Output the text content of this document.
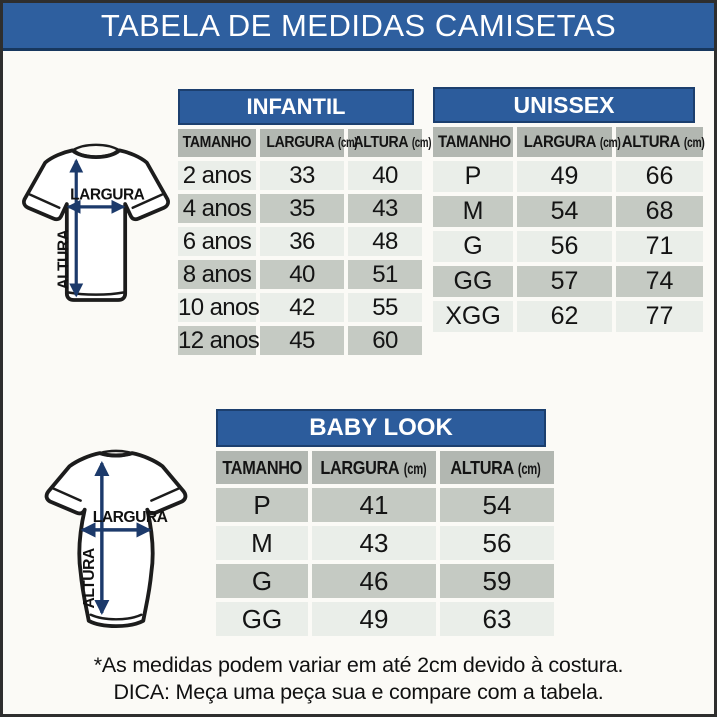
TABELA DE MEDIDAS CAMISETAS
LARGURA
ALTURA
LARGURA
ALTURA
INFANTIL
TAMANHO	LARGURA (cm)	ALTURA (cm)
2 anos	33	40
4 anos	35	43
6 anos	36	48
8 anos	40	51
10 anos	42	55
12 anos	45	60
UNISSEX
TAMANHO	LARGURA (cm)	ALTURA (cm)
P	49	66
M	54	68
G	56	71
GG	57	74
XGG	62	77
BABY LOOK
TAMANHO	LARGURA (cm)	ALTURA (cm)
P	41	54
M	43	56
G	46	59
GG	49	63
*As medidas podem variar em até 2cm devido à costura.
DICA: Meça uma peça sua e compare com a tabela.
